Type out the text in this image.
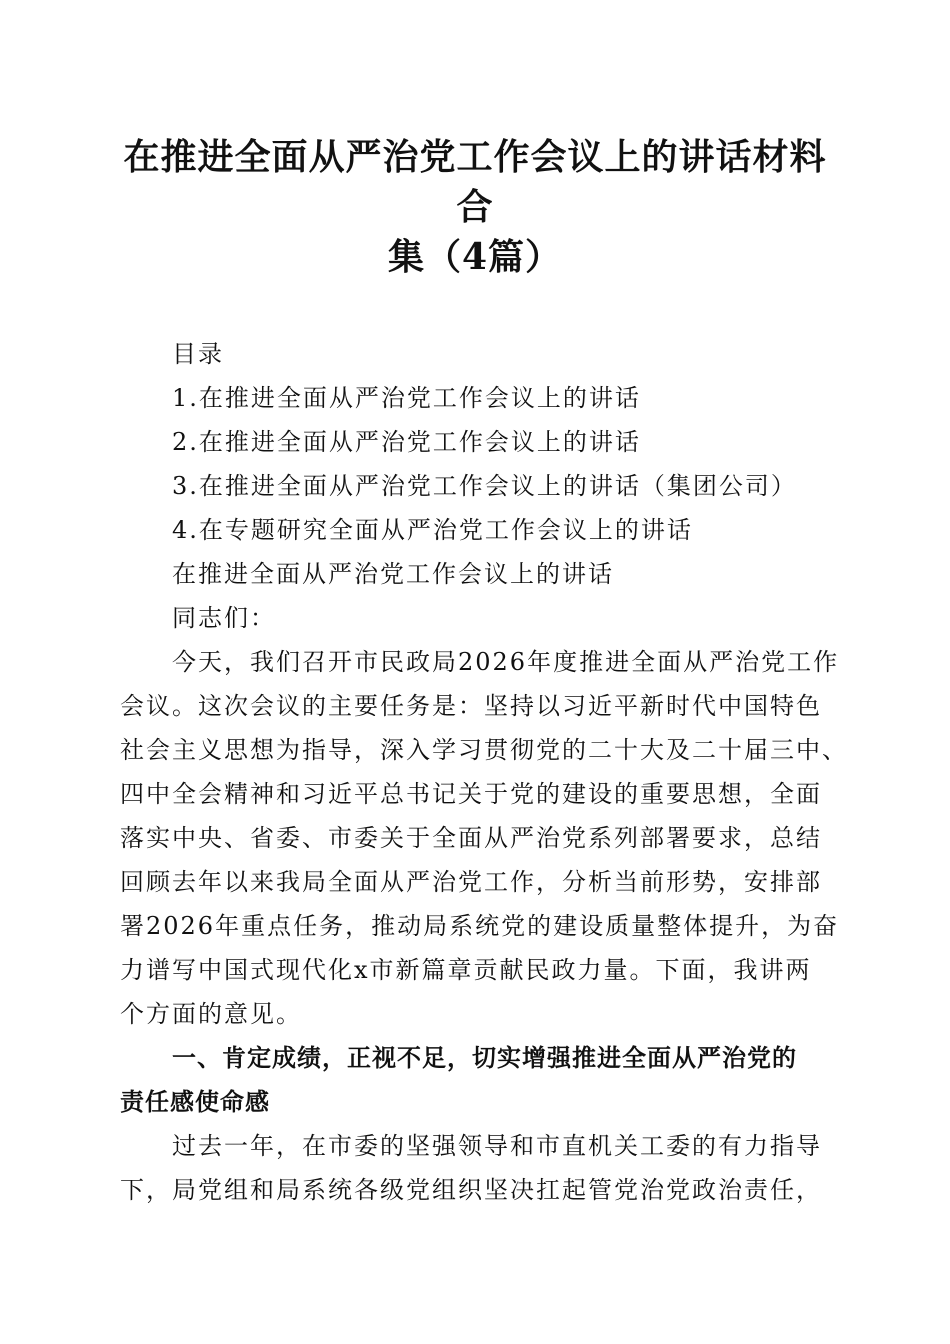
在推进全面从严治党工作会议上的讲话材料合
集（4篇）
目录
1.在推进全面从严治党工作会议上的讲话
2.在推进全面从严治党工作会议上的讲话
3.在推进全面从严治党工作会议上的讲话（集团公司）
4.在专题研究全面从严治党工作会议上的讲话
在推进全面从严治党工作会议上的讲话
同志们：
今天，我们召开市民政局2026年度推进全面从严治党工作
会议。这次会议的主要任务是：坚持以习近平新时代中国特色
社会主义思想为指导，深入学习贯彻党的二十大及二十届三中、
四中全会精神和习近平总书记关于党的建设的重要思想，全面
落实中央、省委、市委关于全面从严治党系列部署要求，总结
回顾去年以来我局全面从严治党工作，分析当前形势，安排部
署2026年重点任务，推动局系统党的建设质量整体提升，为奋
力谱写中国式现代化x市新篇章贡献民政力量。下面，我讲两
个方面的意见。
一、肯定成绩，正视不足，切实增强推进全面从严治党的
责任感使命感
过去一年，在市委的坚强领导和市直机关工委的有力指导
下，局党组和局系统各级党组织坚决扛起管党治党政治责任，
